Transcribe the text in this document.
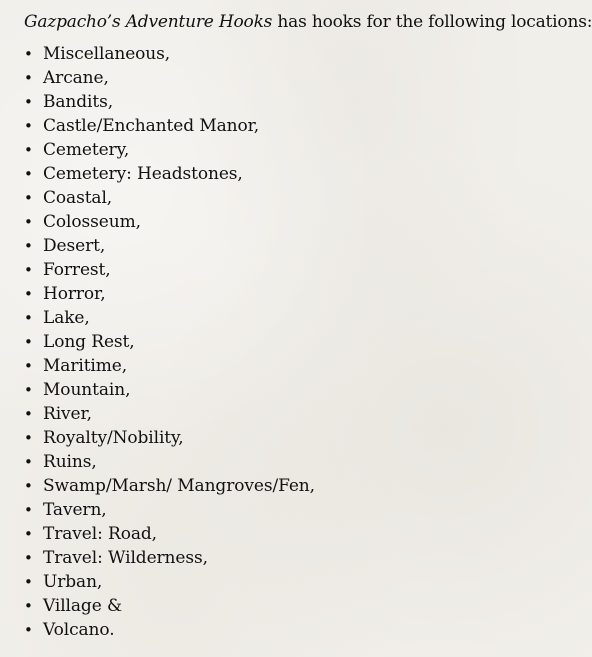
Gazpacho’s Adventure Hooks has hooks for the following locations:

• Miscellaneous,
• Arcane,
• Bandits,
• Castle/Enchanted Manor,
• Cemetery,
• Cemetery: Headstones,
• Coastal,
• Colosseum,
• Desert,
• Forrest,
• Horror,
• Lake,
• Long Rest,
• Maritime,
• Mountain,
• River,
• Royalty/Nobility,
• Ruins,
• Swamp/Marsh/ Mangroves/Fen,
• Tavern,
• Travel: Road,
• Travel: Wilderness,
• Urban,
• Village &
• Volcano.
